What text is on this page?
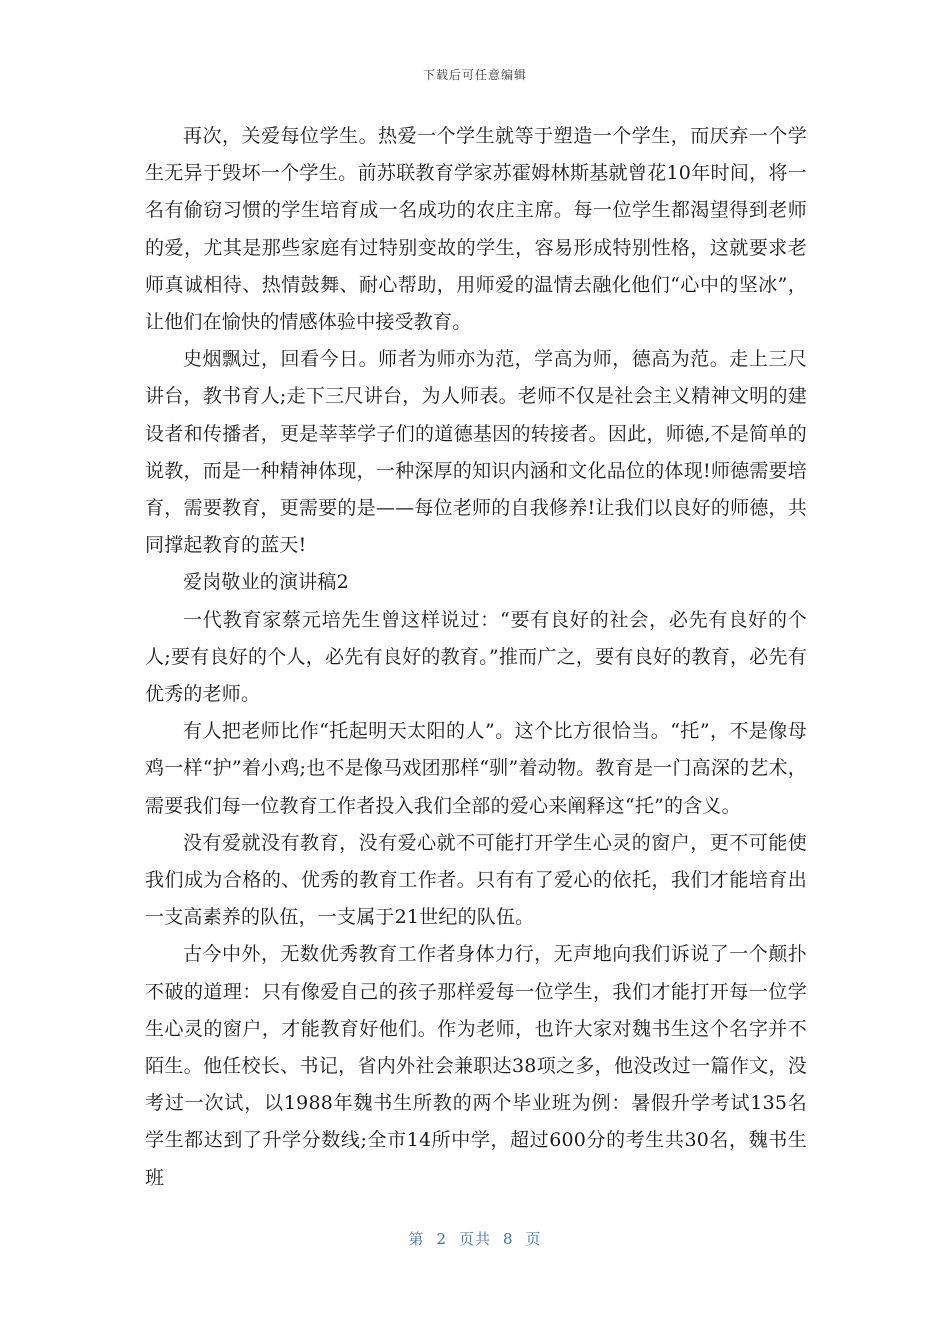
下载后可任意编辑

再次，关爱每位学生。热爱一个学生就等于塑造一个学生，而厌弃一个学生无异于毁坏一个学生。前苏联教育学家苏霍姆林斯基就曾花10年时间，将一名有偷窃习惯的学生培育成一名成功的农庄主席。每一位学生都渴望得到老师的爱，尤其是那些家庭有过特别变故的学生，容易形成特别性格，这就要求老师真诚相待、热情鼓舞、耐心帮助，用师爱的温情去融化他们“心中的坚冰”，让他们在愉快的情感体验中接受教育。

史烟飘过，回看今日。师者为师亦为范，学高为师，德高为范。走上三尺讲台，教书育人;走下三尺讲台，为人师表。老师不仅是社会主义精神文明的建设者和传播者，更是莘莘学子们的道德基因的转接者。因此，师德,不是简单的说教，而是一种精神体现，一种深厚的知识内涵和文化品位的体现!师德需要培育，需要教育，更需要的是——每位老师的自我修养!让我们以良好的师德，共同撑起教育的蓝天!

爱岗敬业的演讲稿2

一代教育家蔡元培先生曾这样说过：“要有良好的社会，必先有良好的个人;要有良好的个人，必先有良好的教育。”推而广之，要有良好的教育，必先有优秀的老师。

有人把老师比作“托起明天太阳的人”。这个比方很恰当。“托”，不是像母鸡一样“护”着小鸡;也不是像马戏团那样“驯”着动物。教育是一门高深的艺术，需要我们每一位教育工作者投入我们全部的爱心来阐释这“托”的含义。

没有爱就没有教育，没有爱心就不可能打开学生心灵的窗户，更不可能使我们成为合格的、优秀的教育工作者。只有有了爱心的依托，我们才能培育出一支高素养的队伍，一支属于21世纪的队伍。

古今中外，无数优秀教育工作者身体力行，无声地向我们诉说了一个颠扑不破的道理：只有像爱自己的孩子那样爱每一位学生，我们才能打开每一位学生心灵的窗户，才能教育好他们。作为老师，也许大家对魏书生这个名字并不陌生。他任校长、书记，省内外社会兼职达38项之多，他没改过一篇作文，没考过一次试，以1988年魏书生所教的两个毕业班为例：暑假升学考试135名学生都达到了升学分数线;全市14所中学，超过600分的考生共30名，魏书生班

第 2 页共 8 页
